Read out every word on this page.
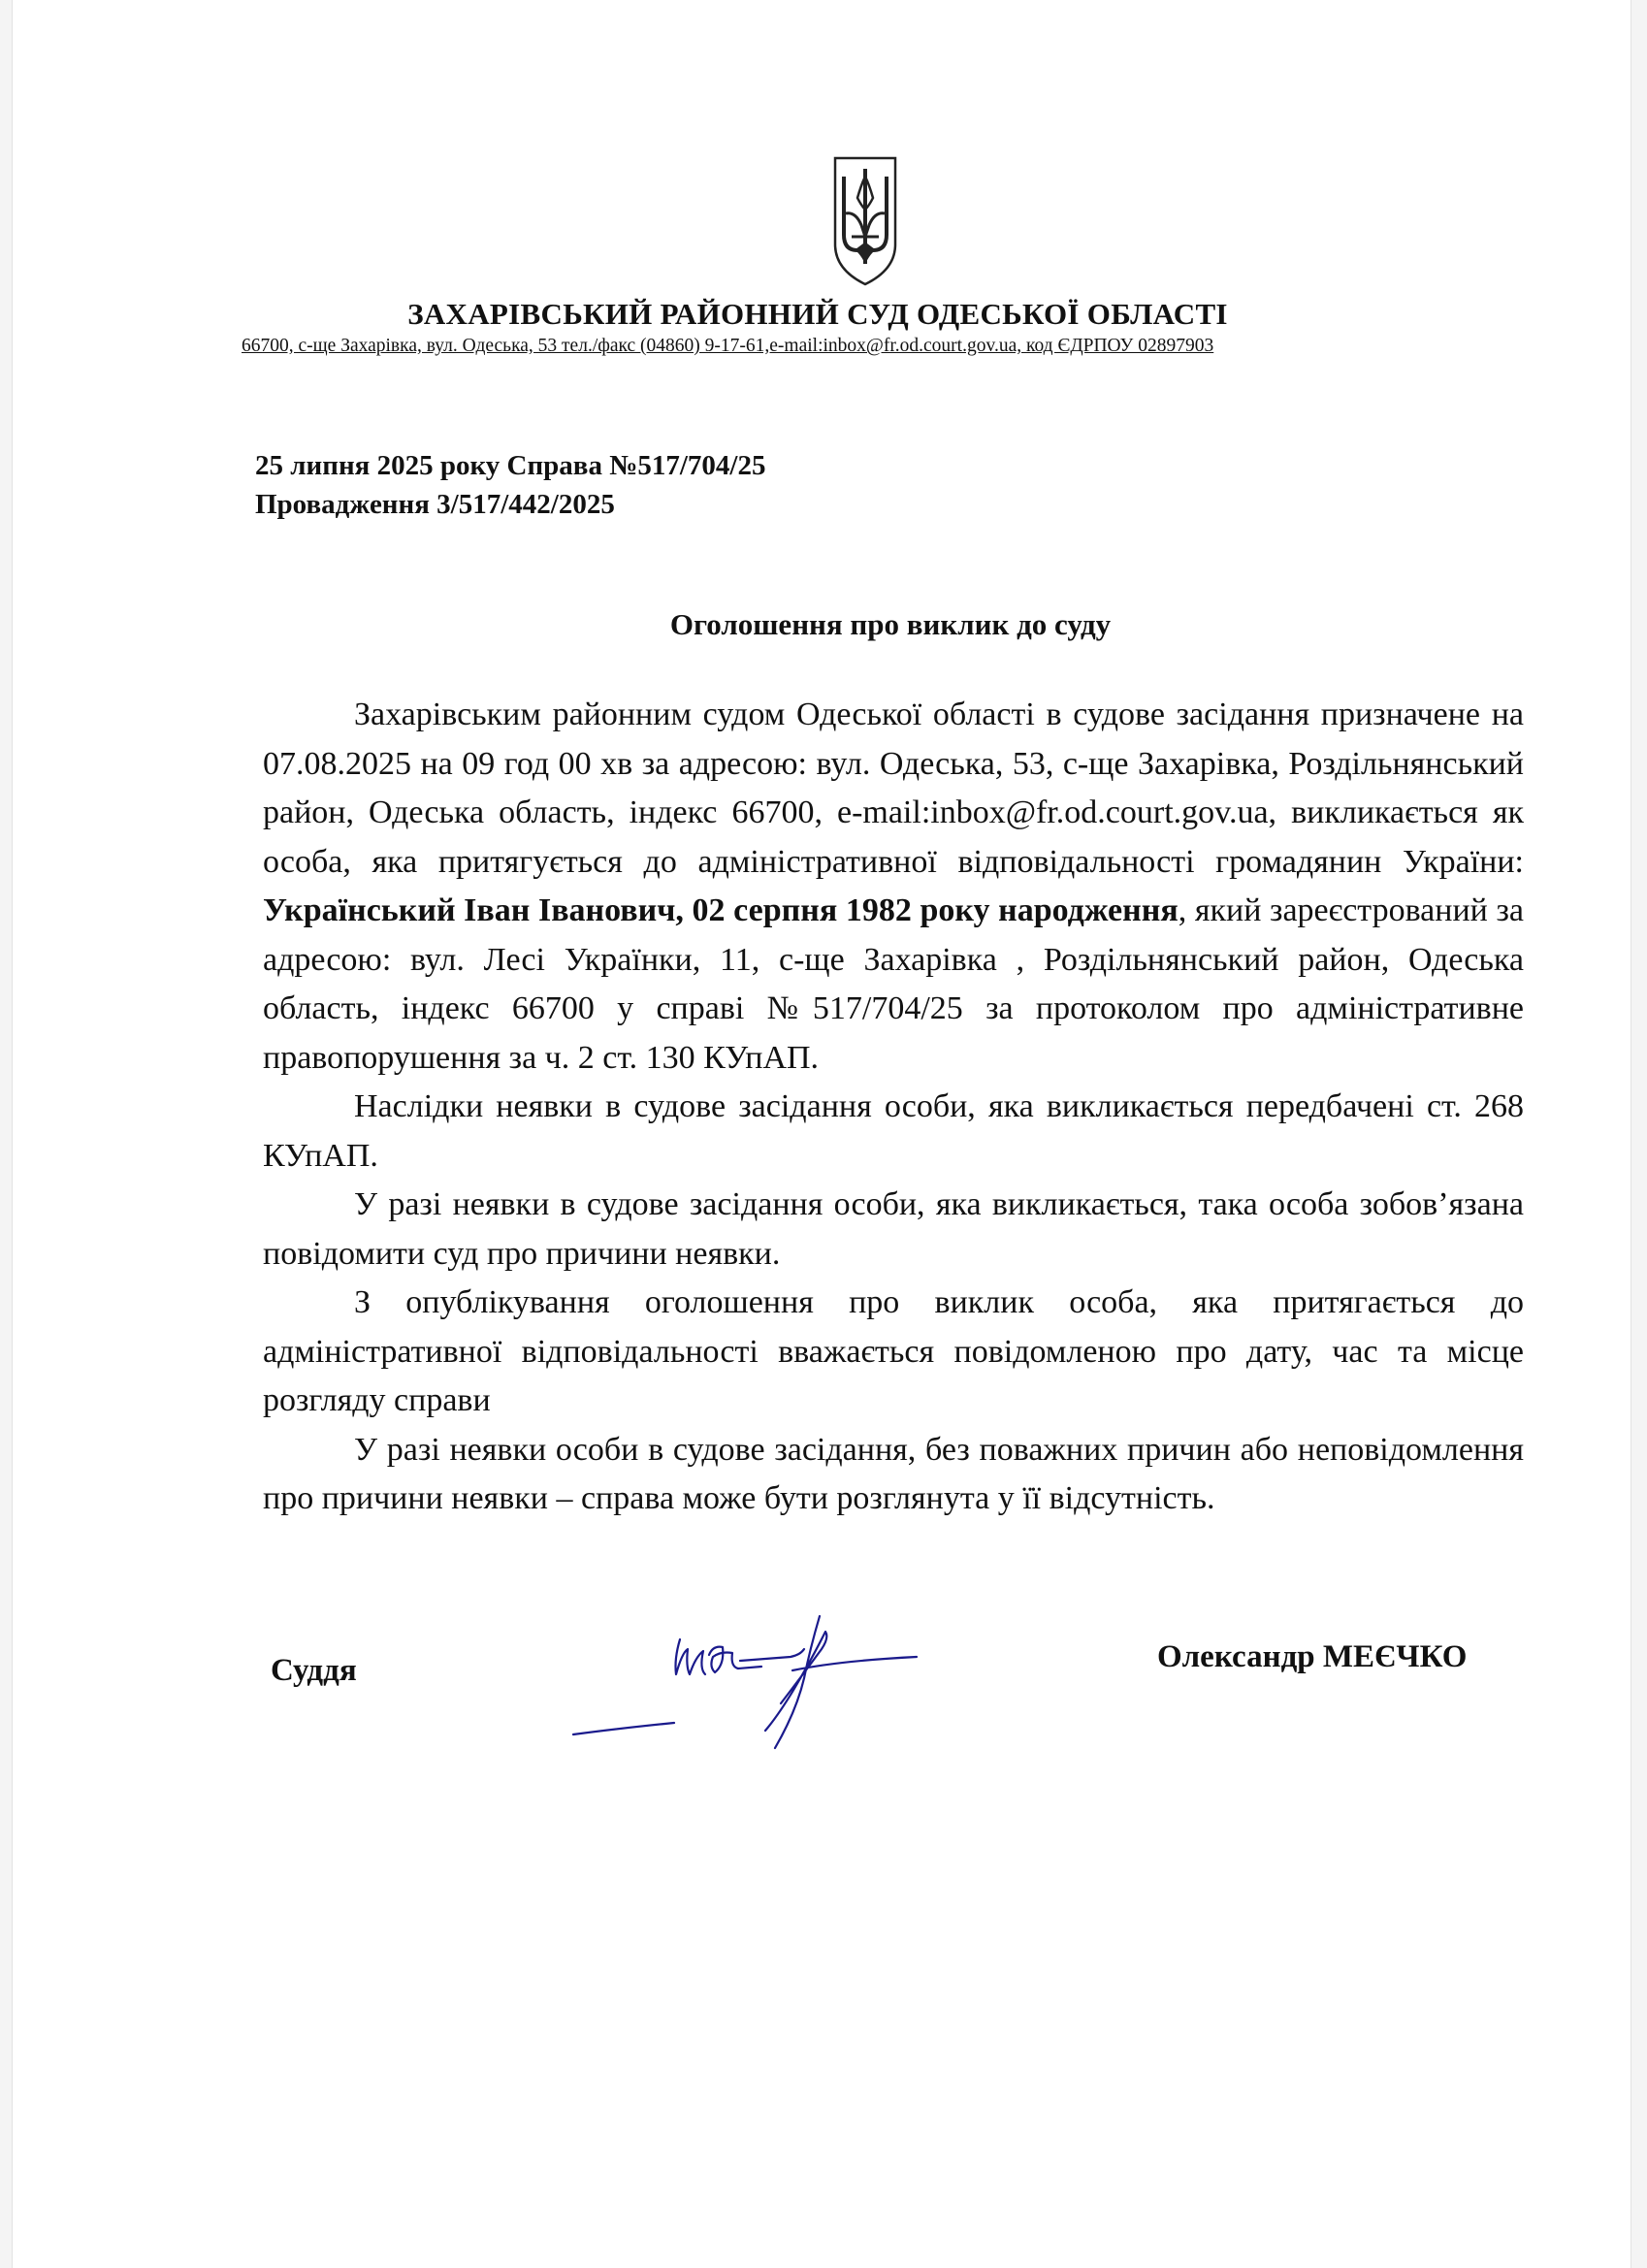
ЗАХАРІВСЬКИЙ РАЙОННИЙ СУД ОДЕСЬКОЇ ОБЛАСТІ
66700, с-ще Захарівка, вул. Одеська, 53 тел./факс (04860) 9-17-61,e-mail:inbox@fr.od.court.gov.ua, код ЄДРПОУ 02897903
25 липня 2025 року Справа №517/704/25
Провадження 3/517/442/2025
Оголошення про виклик до суду

Захарівським районним судом Одеської області в судове засідання призначене на 07.08.2025 на 09 год 00 хв за адресою: вул. Одеська, 53, с-ще Захарівка, Роздільнянський район, Одеська область, індекс 66700, e-mail:inbox@fr.od.court.gov.ua, викликається як особа, яка притягується до адміністративної відповідальності громадянин України: Український Іван Іванович, 02 серпня 1982 року народження, який зареєстрований за адресою: вул. Лесі Українки, 11, с-ще Захарівка , Роздільнянський район, Одеська область, індекс 66700 у справі №517/704/25 за протоколом про адміністративне правопорушення за ч. 2 ст. 130 КУпАП.

Наслідки неявки в судове засідання особи, яка викликається передбачені ст. 268 КУпАП.

У разі неявки в судове засідання особи, яка викликається, така особа зобов’язана повідомити суд про причини неявки.

З опублікування оголошення про виклик особа, яка притягається до адміністративної відповідальності вважається повідомленою про дату, час та місце розгляду справи

У разі неявки особи в судове засідання, без поважних причин або неповідомлення про причини неявки – справа може бути розглянута у її відсутність.

Суддя	Олександр МЕЄЧКО
